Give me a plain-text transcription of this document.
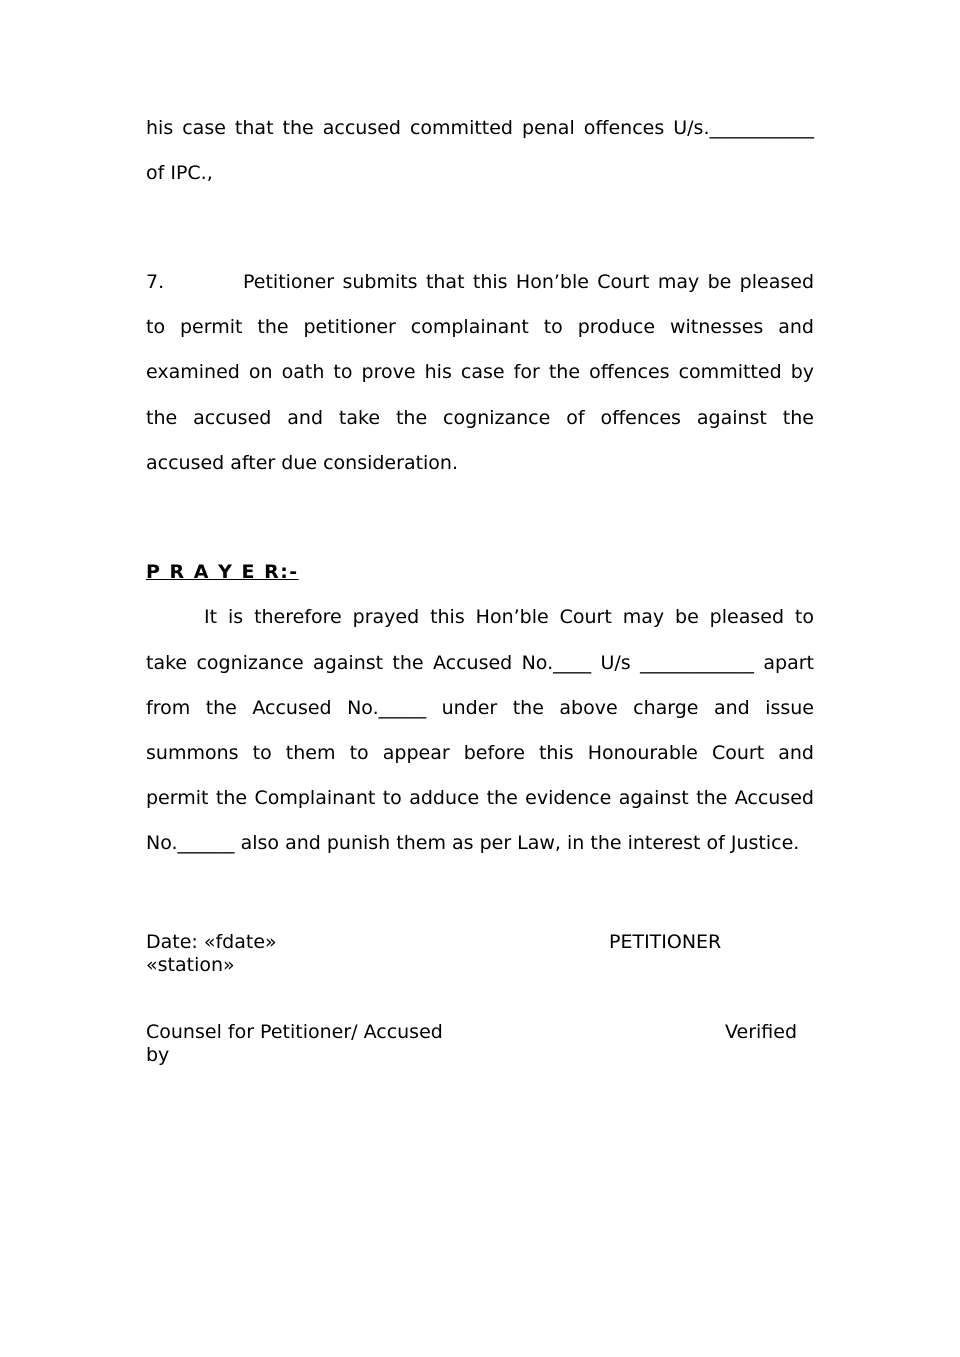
his case that the accused committed penal offences U/s.___________
of IPC.,
7.	Petitioner submits that this Hon’ble Court may be pleased
to permit the petitioner complainant to produce witnesses and
examined on oath to prove his case for the offences committed by
the accused and take the cognizance of offences against the
accused after due consideration.
P R A Y E R:-
It is therefore prayed this Hon’ble Court may be pleased to
take cognizance against the Accused No.____ U/s ____________ apart
from the Accused No._____ under the above charge and issue
summons to them to appear before this Honourable Court and
permit the Complainant to adduce the evidence against the Accused
No.______ also and punish them as per Law, in the interest of Justice.
Date: «fdate»	PETITIONER
«station»
Counsel for Petitioner/ Accused	Verified
by
